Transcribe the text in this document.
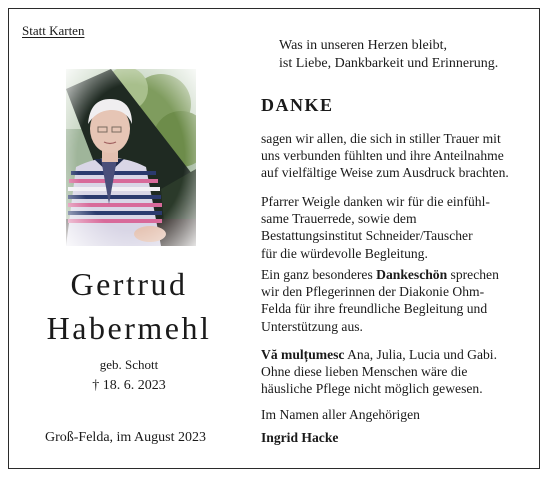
Statt Karten
Gertrud
Habermehl
geb. Schott
† 18. 6. 2023
Groß-Felda, im August 2023
Was in unseren Herzen bleibt,
ist Liebe, Dankbarkeit und Erinnerung.
DANKE
sagen wir allen, die sich in stiller Trauer mit
uns verbunden fühlten und ihre Anteilnahme
auf vielfältige Weise zum Ausdruck brachten.
Pfarrer Weigle danken wir für die einfühl-
same Trauerrede, sowie dem
Bestattungsinstitut Schneider/Tauscher
für die würdevolle Begleitung.
Ein ganz besonderes Dankeschön sprechen
wir den Pflegerinnen der Diakonie Ohm-
Felda für ihre freundliche Begleitung und
Unterstützung aus.
Vă mulțumesc Ana, Julia, Lucia und Gabi.
Ohne diese lieben Menschen wäre die
häusliche Pflege nicht möglich gewesen.
Im Namen aller Angehörigen
Ingrid Hacke
